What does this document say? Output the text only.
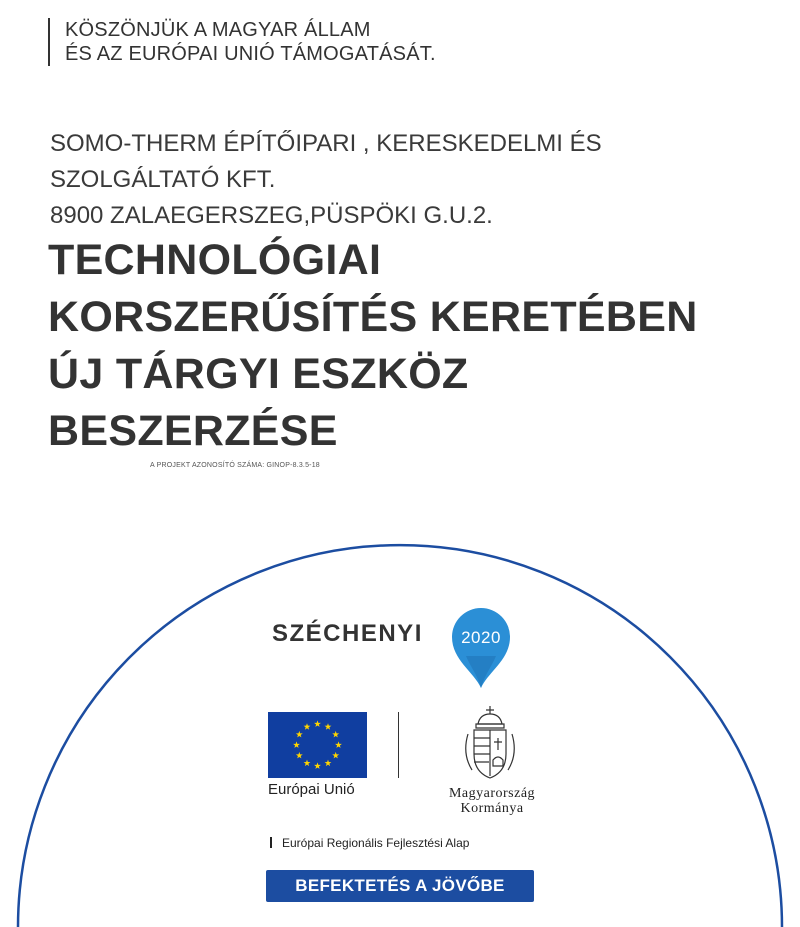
KÖSZÖNJÜK A MAGYAR ÁLLAM
ÉS AZ EURÓPAI UNIÓ TÁMOGATÁSÁT.
SOMO-THERM ÉPÍTŐIPARI , KERESKEDELMI ÉS
SZOLGÁLTATÓ KFT.
8900 ZALAEGERSZEG,PÜSPÖKI G.U.2.
TECHNOLÓGIAI
KORSZERŰSÍTÉS KERETÉBEN
ÚJ TÁRGYI ESZKÖZ
BESZERZÉSE
A PROJEKT AZONOSÍTÓ SZÁMA: GINOP-8.3.5-18
SZÉCHENYI 2020
Európai Unió	Magyarország
Kormánya
Európai Regionális Fejlesztési Alap
BEFEKTETÉS A JÖVŐBE
